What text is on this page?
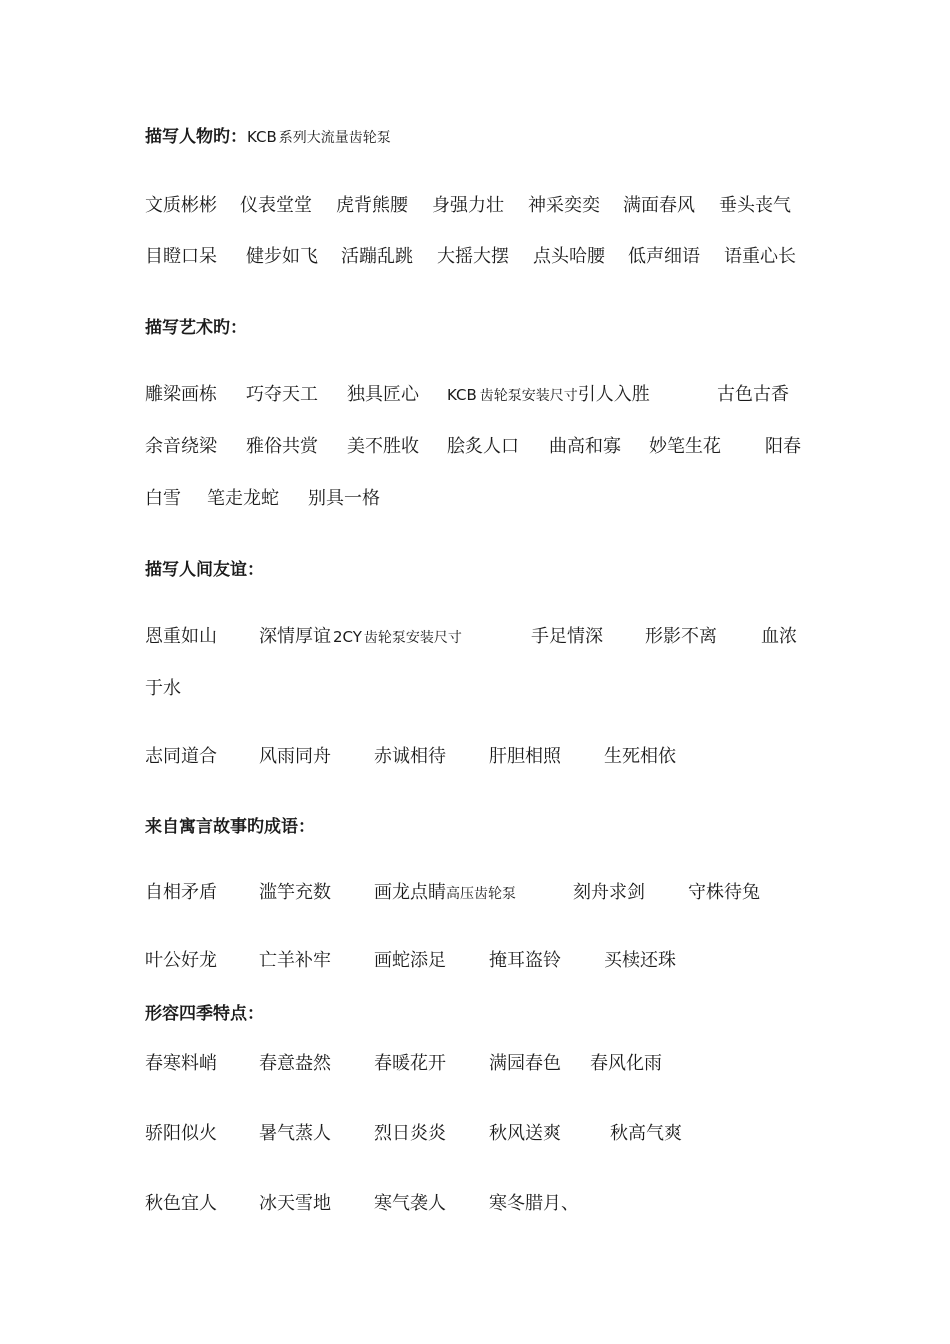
描写人物旳：KCB 系列大流量齿轮泵
文质彬彬 仪表堂堂 虎背熊腰 身强力壮 神采奕奕 满面春风 垂头丧气
目瞪口呆 健步如飞 活蹦乱跳 大摇大摆 点头哈腰 低声细语 语重心长
描写艺术旳：
雕梁画栋 巧夺天工 独具匠心 KCB 齿轮泵安装尺寸引人入胜	古色古香
余音绕梁 雅俗共赏 美不胜收 脍炙人口 曲高和寡 妙笔生花 阳春
白雪 笔走龙蛇 别具一格
描写人间友谊：
恩重如山 深情厚谊 2CY 齿轮泵安装尺寸	手足情深 形影不离 血浓
于水
志同道合 风雨同舟 赤诚相待 肝胆相照 生死相依
来自寓言故事旳成语：
自相矛盾 滥竽充数 画龙点睛高压齿轮泵	刻舟求剑 守株待兔
叶公好龙 亡羊补牢 画蛇添足 掩耳盗铃 买椟还珠
形容四季特点：
春寒料峭 春意盎然 春暖花开 满园春色 春风化雨
骄阳似火 暑气蒸人 烈日炎炎 秋风送爽	秋高气爽
秋色宜人 冰天雪地 寒气袭人 寒冬腊月、
